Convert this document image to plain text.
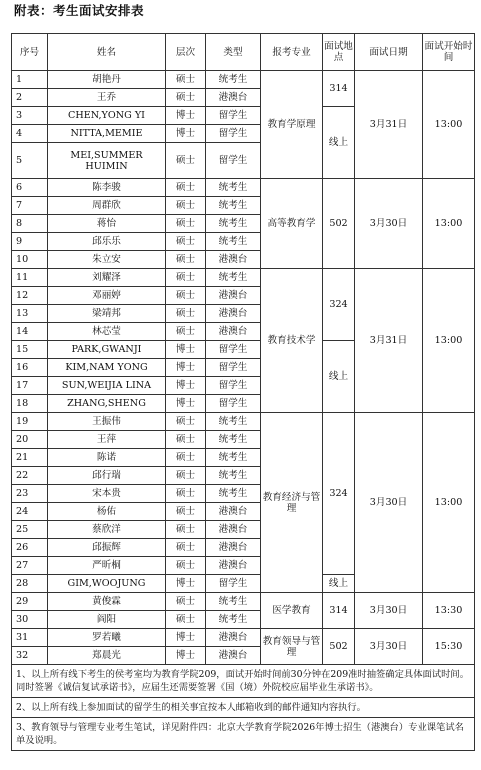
附表：考生面试安排表
序号	姓名	层次	类型	报考专业	面试地点	面试日期	面试开始时间
1	胡艳丹	硕士	统考生	教育学原理	314	3月31日	13:00
2	王乔	硕士	港澳台				
3	CHEN,YONG YI	博士	留学生		线上		
4	NITTA,MEMIE	博士	留学生				
5	MEI,SUMMER HUIMIN	硕士	留学生				

6	陈李骏	硕士	统考生	高等教育学	502	3月30日	13:00
7	周群欣	硕士	统考生				
8	蒋怡	硕士	统考生				
9	邱乐乐	硕士	统考生				
10	朱立安	硕士	港澳台				
11	刘耀泽	硕士	统考生	教育技术学	324	3月31日	13:00
12	邓丽婷	硕士	港澳台				
13	梁靖邦	硕士	港澳台				
14	林芯莹	硕士	港澳台				
15	PARK,GWANJI	博士	留学生		线上		
16	KIM,NAM YONG	博士	留学生				
17	SUN,WEIJIA LINA	博士	留学生				
18	ZHANG,SHENG	博士	留学生				
19	王振伟	硕士	统考生	教育经济与管理	324	3月30日	13:00
20	王萍	硕士	统考生				
21	陈诺	硕士	统考生				
22	邱行瑞	硕士	统考生				
23	宋本贵	硕士	统考生				
24	杨佑	硕士	港澳台				
25	蔡欣洋	硕士	港澳台				
26	邱振辉	硕士	港澳台				
27	严昕桐	硕士	港澳台				
28	GIM,WOOJUNG	博士	留学生		线上		
29	黄俊霖	硕士	统考生	医学教育	314	3月30日	13:30
30	阎阳	硕士	统考生				
31	罗若曦	博士	港澳台	教育领导与管理	502	3月30日	15:30
32	郑晨光	博士	港澳台				
1、以上所有线下考生的侯考室均为教育学院209，面试开始时间前30分钟在209准时抽签确定具体面试时间。同时签署《诚信复试承诺书》，应届生还需要签署《国（境）外院校应届毕业生承诺书》。							
2、以上所有线上参加面试的留学生的相关事宜按本人邮箱收到的邮件通知内容执行。							
3、教育领导与管理专业考生笔试，详见附件四：北京大学教育学院2026年博士招生（港澳台）专业课笔试名单及说明。							
